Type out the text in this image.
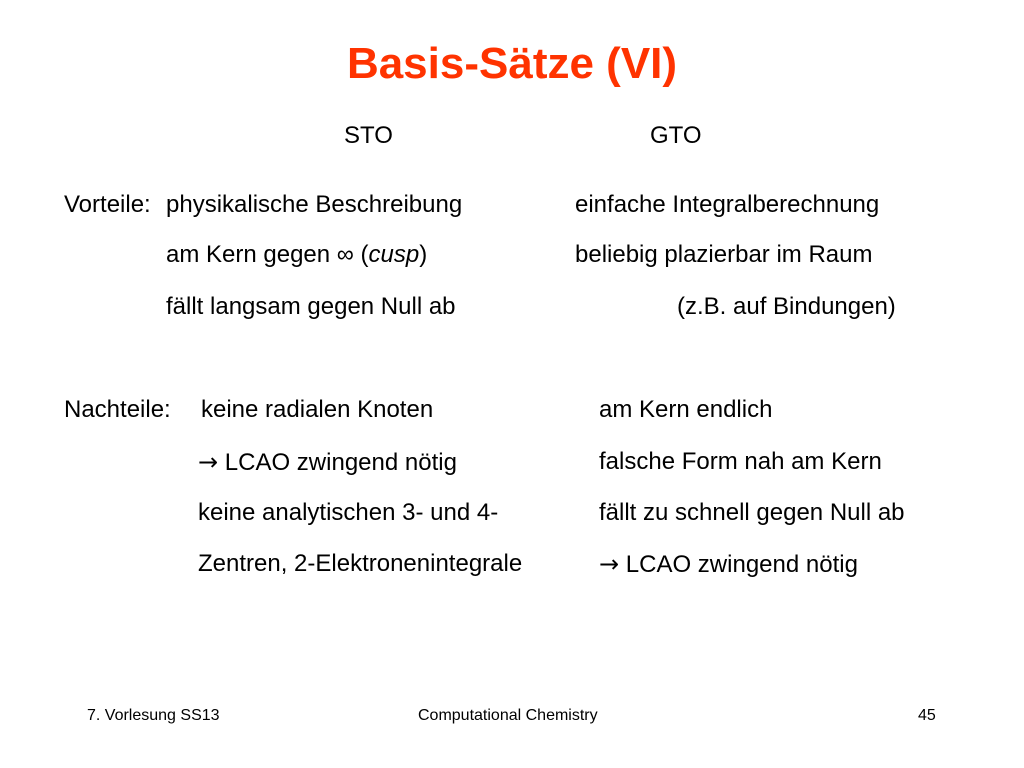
Basis-Sätze (VI)
STO	GTO
Vorteile: physikalische Beschreibung	einfache Integralberechnung
am Kern gegen ∞ (cusp)	beliebig plazierbar im Raum
fällt langsam gegen Null ab	(z.B. auf Bindungen)
Nachteile: keine radialen Knoten	am Kern endlich
→ LCAO zwingend nötig	falsche Form nah am Kern
keine analytischen 3- und 4-	fällt zu schnell gegen Null ab
Zentren, 2-Elektronenintegrale	→ LCAO zwingend nötig
7. Vorlesung SS13	Computational Chemistry	45
